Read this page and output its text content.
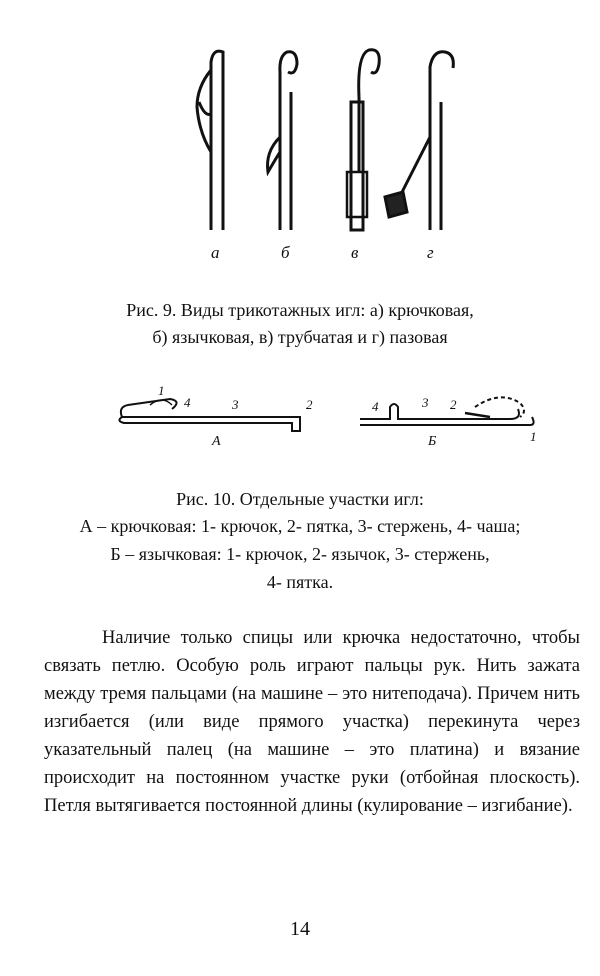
а	б	в	г
Рис. 9. Виды трикотажных игл: а) крючковая,
б) язычковая, в) трубчатая и г) пазовая
1
4	3	2
А
4	3 2
1
Б
Рис. 10. Отдельные участки игл:
А – крючковая: 1- крючок, 2- пятка, 3- стержень, 4- чаша;
Б – язычковая: 1- крючок, 2- язычок, 3- стержень,
4- пятка.

Наличие только спицы или крючка недостаточно, чтобы связать петлю. Особую роль играют пальцы рук. Нить зажата между тремя пальцами (на машине – это нитеподача). Причем нить изгибается (или виде прямого участка) перекинута через указательный палец (на машине – это платина) и вязание происходит на постоянном участке руки (отбойная плоскость). Петля вытягивается постоянной длины (кулирование – изгибание).

14
